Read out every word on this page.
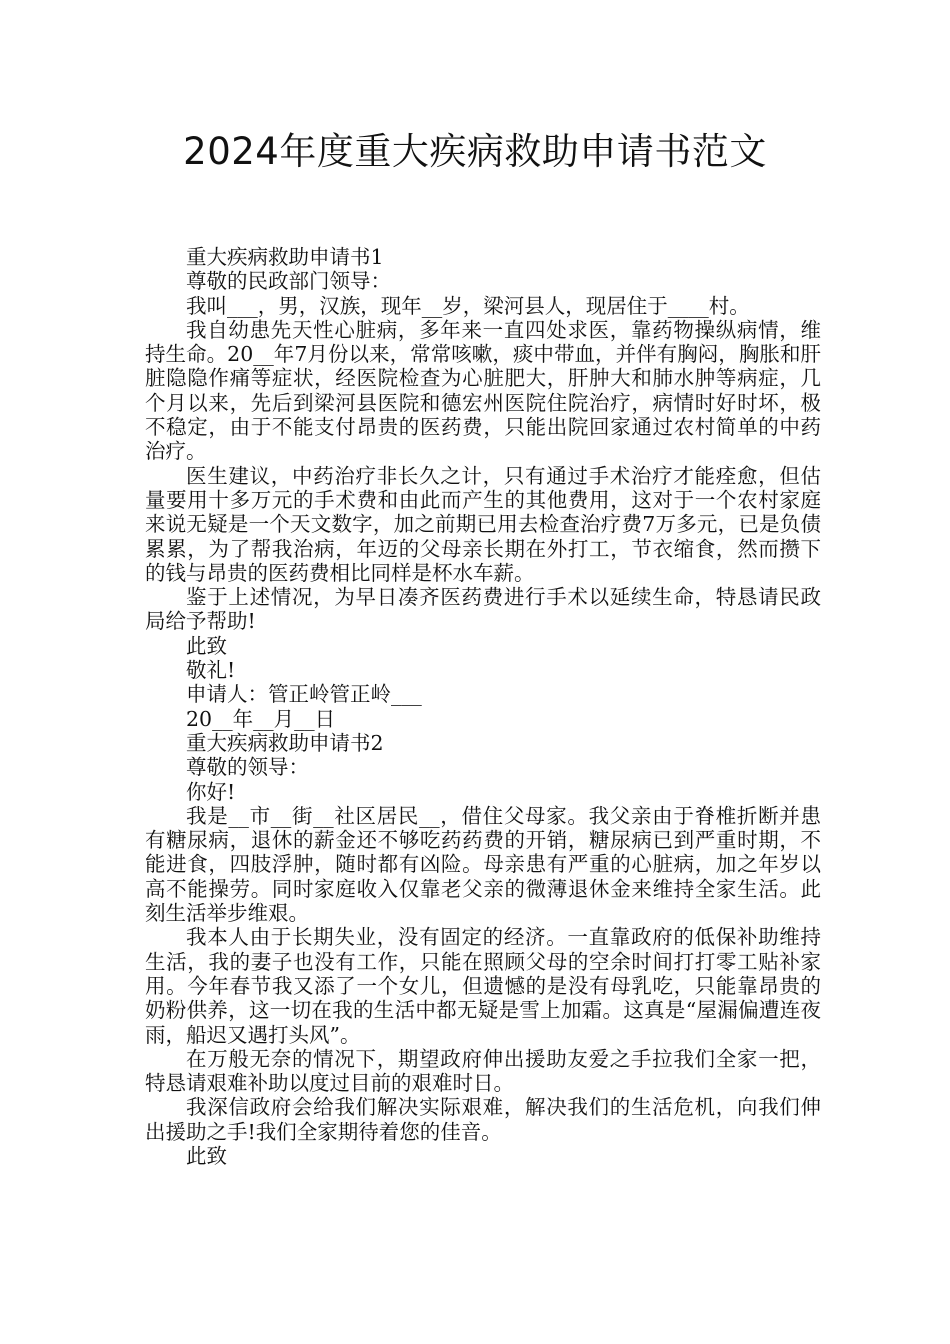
2024年度重大疾病救助申请书范文

重大疾病救助申请书1

尊敬的民政部门领导：

我叫___，男，汉族，现年__岁，梁河县人，现居住于____村。

我自幼患先天性心脏病，多年来一直四处求医，靠药物操纵病情，维持生命。20__年7月份以来，常常咳嗽，痰中带血，并伴有胸闷，胸胀和肝脏隐隐作痛等症状，经医院检查为心脏肥大，肝肿大和肺水肿等病症，几个月以来，先后到梁河县医院和德宏州医院住院治疗，病情时好时坏，极不稳定，由于不能支付昂贵的医药费，只能出院回家通过农村简单的中药治疗。

医生建议，中药治疗非长久之计，只有通过手术治疗才能痊愈，但估量要用十多万元的手术费和由此而产生的其他费用，这对于一个农村家庭来说无疑是一个天文数字，加之前期已用去检查治疗费7万多元，已是负债累累，为了帮我治病，年迈的父母亲长期在外打工，节衣缩食，然而攒下的钱与昂贵的医药费相比同样是杯水车薪。

鉴于上述情况，为早日凑齐医药费进行手术以延续生命，特恳请民政局给予帮助!

此致

敬礼!

申请人：管正岭管正岭___

20__年__月__日

重大疾病救助申请书2

尊敬的领导：

你好!

我是__市__街__社区居民__，借住父母家。我父亲由于脊椎折断并患有糖尿病，退休的薪金还不够吃药药费的开销，糖尿病已到严重时期，不能进食，四肢浮肿，随时都有凶险。母亲患有严重的心脏病，加之年岁以高不能操劳。同时家庭收入仅靠老父亲的微薄退休金来维持全家生活。此刻生活举步维艰。

我本人由于长期失业，没有固定的经济。一直靠政府的低保补助维持生活，我的妻子也没有工作，只能在照顾父母的空余时间打打零工贴补家用。今年春节我又添了一个女儿，但遗憾的是没有母乳吃，只能靠昂贵的奶粉供养，这一切在我的生活中都无疑是雪上加霜。这真是“屋漏偏遭连夜雨，船迟又遇打头风”。

在万般无奈的情况下，期望政府伸出援助友爱之手拉我们全家一把，特恳请艰难补助以度过目前的艰难时日。

我深信政府会给我们解决实际艰难，解决我们的生活危机，向我们伸出援助之手!我们全家期待着您的佳音。

此致
